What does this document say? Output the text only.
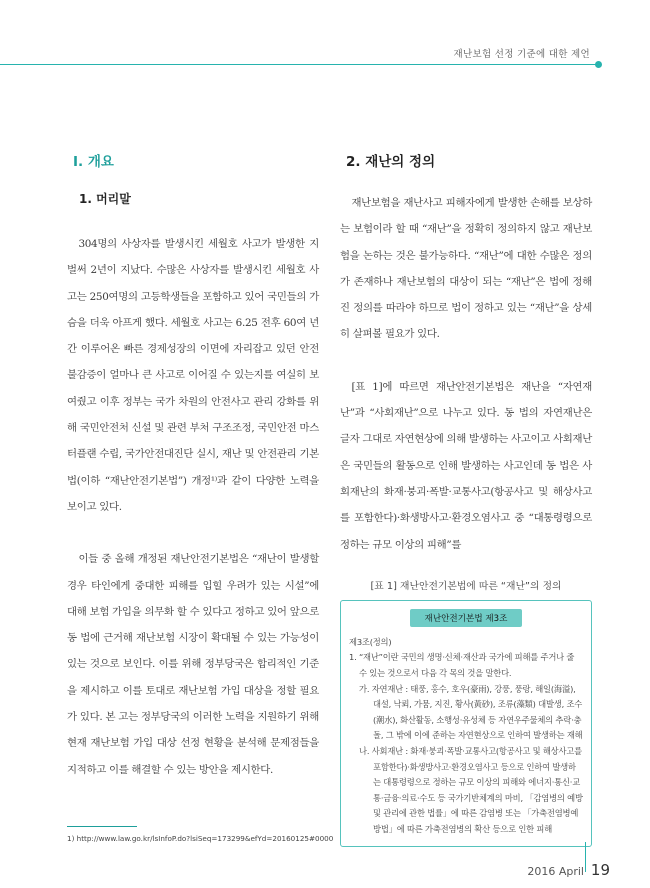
재난보험 선정 기준에 대한 제언
Ⅰ. 개요
1. 머리말

304명의 사상자를 발생시킨 세월호 사고가 발생한 지 벌써 2년이 지났다. 수많은 사상자를 발생시킨 세월호 사고는 250여명의 고등학생들을 포함하고 있어 국민들의 가슴을 더욱 아프게 했다. 세월호 사고는 6.25 전후 60여 년간 이루어온 빠른 경제성장의 이면에 자리잡고 있던 안전 불감증이 얼마나 큰 사고로 이어질 수 있는지를 여실히 보여줬고 이후 정부는 국가 차원의 안전사고 관리 강화를 위해 국민안전처 신설 및 관련 부처 구조조정, 국민안전 마스터플랜 수립, 국가안전대진단 실시, 재난 및 안전관리 기본법(이하 “재난안전기본법”) 개정¹⁾과 같이 다양한 노력을 보이고 있다.

이들 중 올해 개정된 재난안전기본법은 “재난이 발생할 경우 타인에게 중대한 피해를 입힐 우려가 있는 시설”에 대해 보험 가입을 의무화 할 수 있다고 정하고 있어 앞으로 동 법에 근거해 재난보험 시장이 확대될 수 있는 가능성이 있는 것으로 보인다. 이를 위해 정부당국은 합리적인 기준을 제시하고 이를 토대로 재난보험 가입 대상을 정할 필요가 있다. 본 고는 정부당국의 이러한 노력을 지원하기 위해 현재 재난보험 가입 대상 선정 현황을 분석해 문제점들을 지적하고 이를 해결할 수 있는 방안을 제시한다.

2. 재난의 정의

재난보험을 재난사고 피해자에게 발생한 손해를 보상하는 보험이라 할 때 “재난”을 정확히 정의하지 않고 재난보험을 논하는 것은 불가능하다. “재난”에 대한 수많은 정의가 존재하나 재난보험의 대상이 되는 “재난”은 법에 정해진 정의를 따라야 하므로 법이 정하고 있는 “재난”을 상세히 살펴볼 필요가 있다.

[표 1]에 따르면 재난안전기본법은 재난을 “자연재난”과 “사회재난”으로 나누고 있다. 동 법의 자연재난은 글자 그대로 자연현상에 의해 발생하는 사고이고 사회재난은 국민들의 활동으로 인해 발생하는 사고인데 동 법은 사회재난의 화재·붕괴·폭발·교통사고(항공사고 및 해상사고를 포함한다)·화생방사고·환경오염사고 중 “대통령령으로 정하는 규모 이상의 피해”를

[표 1] 재난안전기본법에 따른 “재난”의 정의
재난안전기본법 제3조

제3조(정의)

1. “재난”이란 국민의 생명·신체·재산과 국가에 피해를 주거나 줄 수 있는 것으로서 다음 각 목의 것을 말한다.

가. 자연재난 : 태풍, 홍수, 호우(豪雨), 강풍, 풍랑, 해일(海溢), 대설, 낙뢰, 가뭄, 지진, 황사(黃砂), 조류(藻類) 대발생, 조수(潮水), 화산활동, 소행성·유성체 등 자연우주물체의 추락·충돌, 그 밖에 이에 준하는 자연현상으로 인하여 발생하는 재해

나. 사회재난 : 화재·붕괴·폭발·교통사고(항공사고 및 해상사고를 포함한다)·화생방사고·환경오염사고 등으로 인하여 발생하는 대통령령으로 정하는 규모 이상의 피해와 에너지·통신·교통·금융·의료·수도 등 국가기반체계의 마비, 「감염병의 예방 및 관리에 관한 법률」에 따른 감염병 또는 「가축전염병예방법」에 따른 가축전염병의 확산 등으로 인한 피해

1) http://www.law.go.kr/lsInfoP.do?lsiSeq=173299&efYd=20160125#0000
2016 April 19
